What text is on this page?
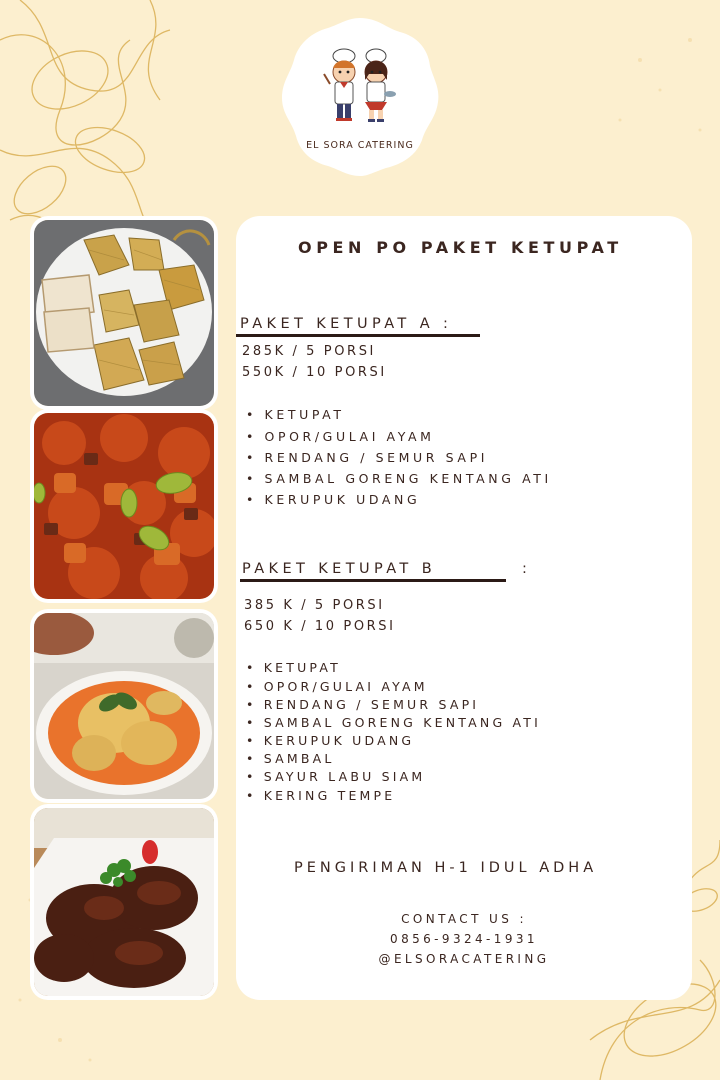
EL SORA CATERING
OPEN PO PAKET KETUPAT
PAKET KETUPAT A :
285K / 5 PORSI
550K / 10 PORSI
• KETUPAT
• OPOR/GULAI AYAM
• RENDANG / SEMUR SAPI
• SAMBAL GORENG KENTANG ATI
• KERUPUK UDANG
PAKET KETUPAT B	:
385 K / 5 PORSI
650 K / 10 PORSI
• KETUPAT
• OPOR/GULAI AYAM
• RENDANG / SEMUR SAPI
• SAMBAL GORENG KENTANG ATI
• KERUPUK UDANG
• SAMBAL
• SAYUR LABU SIAM
• KERING TEMPE
PENGIRIMAN H-1 IDUL ADHA
CONTACT US :
0856-9324-1931
@ELSORACATERING
